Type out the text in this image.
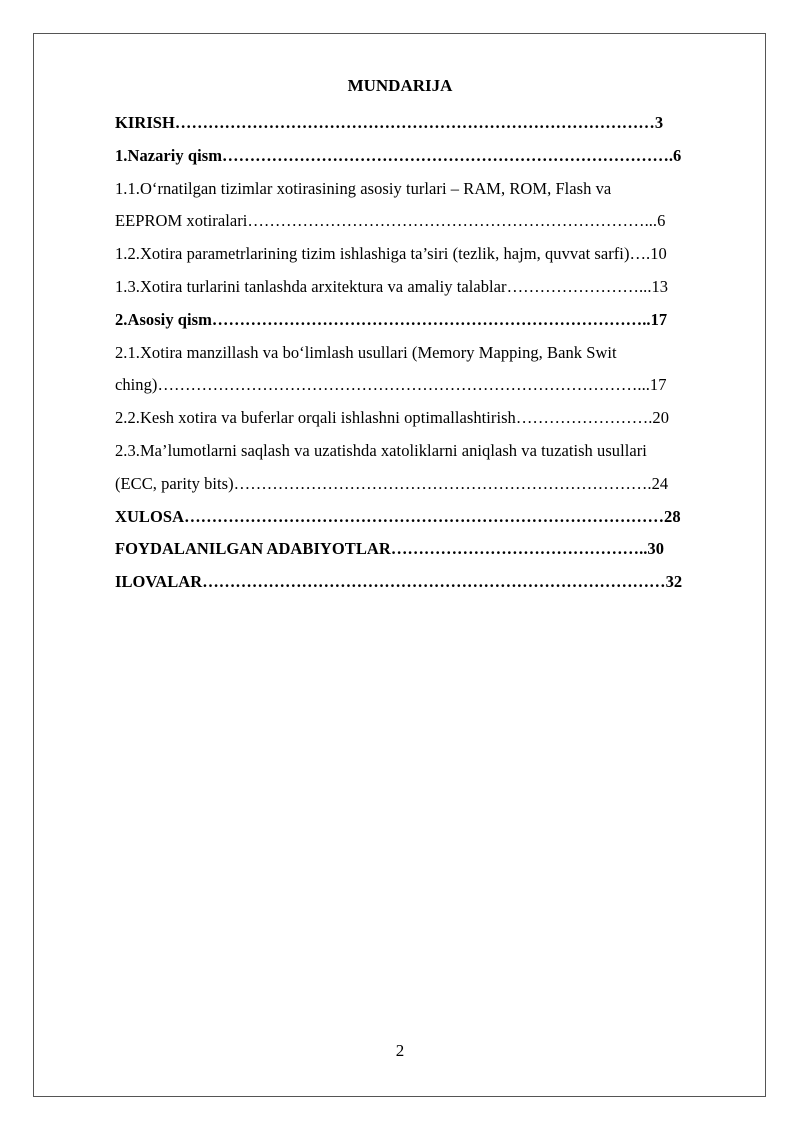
MUNDARIJA
KIRISH……………………………………………………………………………3
1.Nazariy qism……………………………………………………………………….6
1.1.O‘rnatilgan tizimlar xotirasining asosiy turlari – RAM, ROM, Flash va
EEPROM xotiralari………………………………………………………………...6
1.2.Xotira parametrlarining tizim ishlashiga ta’siri (tezlik, hajm, quvvat sarfi)….10
1.3.Xotira turlarini tanlashda arxitektura va amaliy talablar……………………...13
2.Asosiy qism……………………………………………………………………..17
2.1.Xotira manzillash va bo‘limlash usullari (Memory Mapping, Bank Swit
ching)……………………………………………………………………………...17
2.2.Kesh xotira va buferlar orqali ishlashni optimallashtirish…………………….20
2.3.Ma’lumotlarni saqlash va uzatishda xatoliklarni aniqlash va tuzatish usullari
(ECC, parity bits)………………………………………………………………….24
XULOSA……………………………………………………………………………28
FOYDALANILGAN ADABIYOTLAR………………………………………..30
ILOVALAR…………………………………………………………………………32
2
